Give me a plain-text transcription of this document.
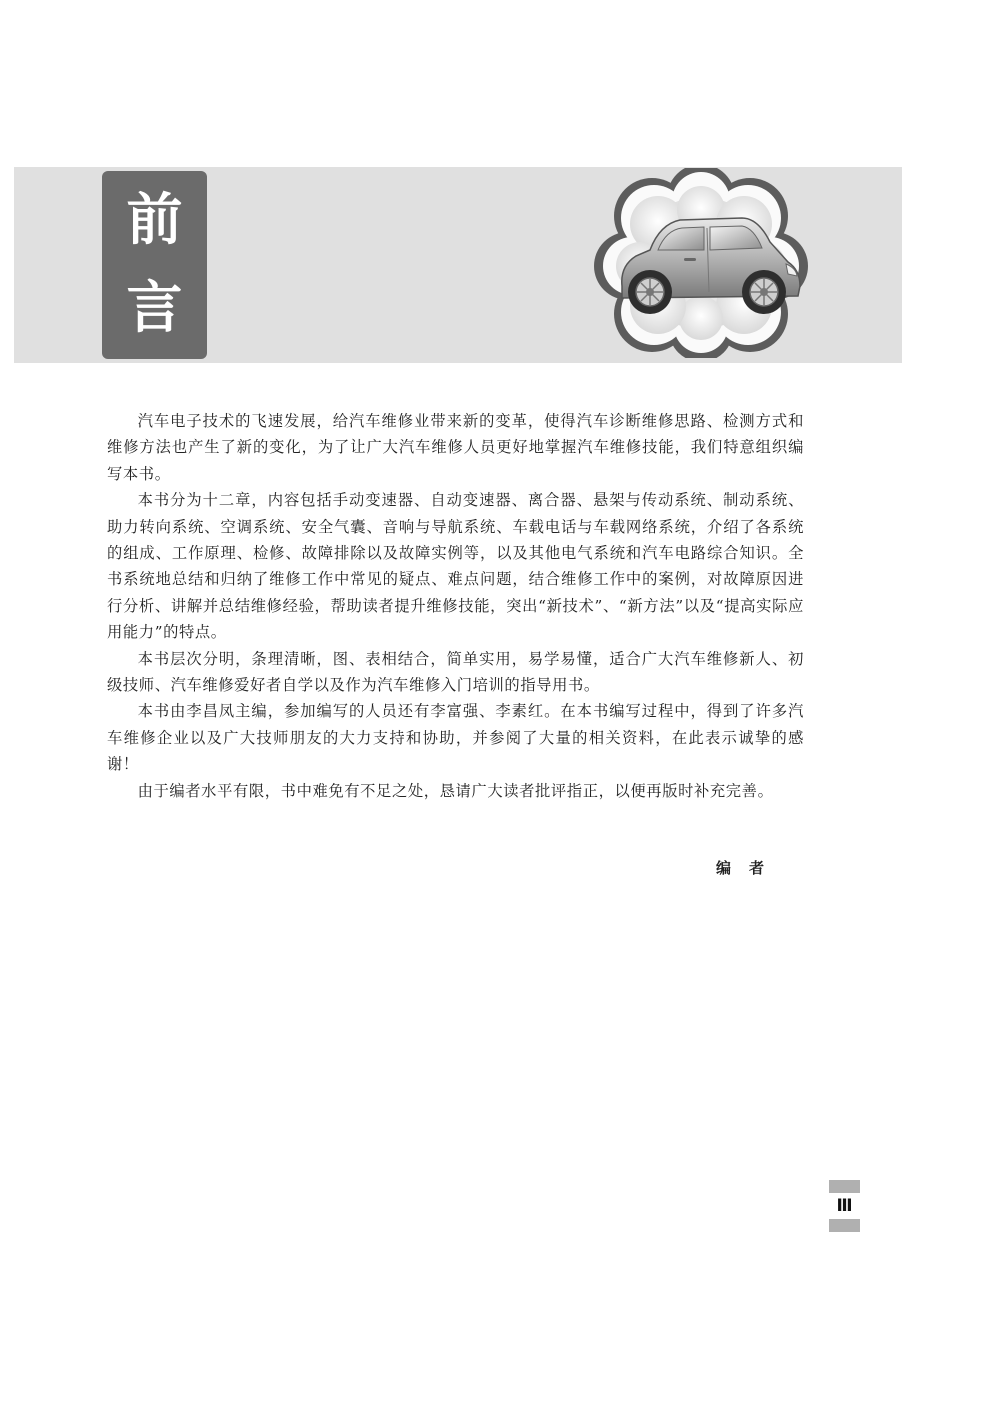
前
言

汽车电子技术的飞速发展，给汽车维修业带来新的变革，使得汽车诊断维修思路、检测方式和维修方法也产生了新的变化，为了让广大汽车维修人员更好地掌握汽车维修技能，我们特意组织编写本书。

本书分为十二章，内容包括手动变速器、自动变速器、离合器、悬架与传动系统、制动系统、助力转向系统、空调系统、安全气囊、音响与导航系统、车载电话与车载网络系统，介绍了各系统的组成、工作原理、检修、故障排除以及故障实例等，以及其他电气系统和汽车电路综合知识。全书系统地总结和归纳了维修工作中常见的疑点、难点问题，结合维修工作中的案例，对故障原因进行分析、讲解并总结维修经验，帮助读者提升维修技能，突出“新技术”、“新方法”以及“提高实际应用能力”的特点。

本书层次分明，条理清晰，图、表相结合，简单实用，易学易懂，适合广大汽车维修新人、初级技师、汽车维修爱好者自学以及作为汽车维修入门培训的指导用书。

本书由李昌凤主编，参加编写的人员还有李富强、李素红。在本书编写过程中，得到了许多汽车维修企业以及广大技师朋友的大力支持和协助，并参阅了大量的相关资料，在此表示诚挚的感谢！

由于编者水平有限，书中难免有不足之处，恳请广大读者批评指正，以便再版时补充完善。

编者
Ⅲ
